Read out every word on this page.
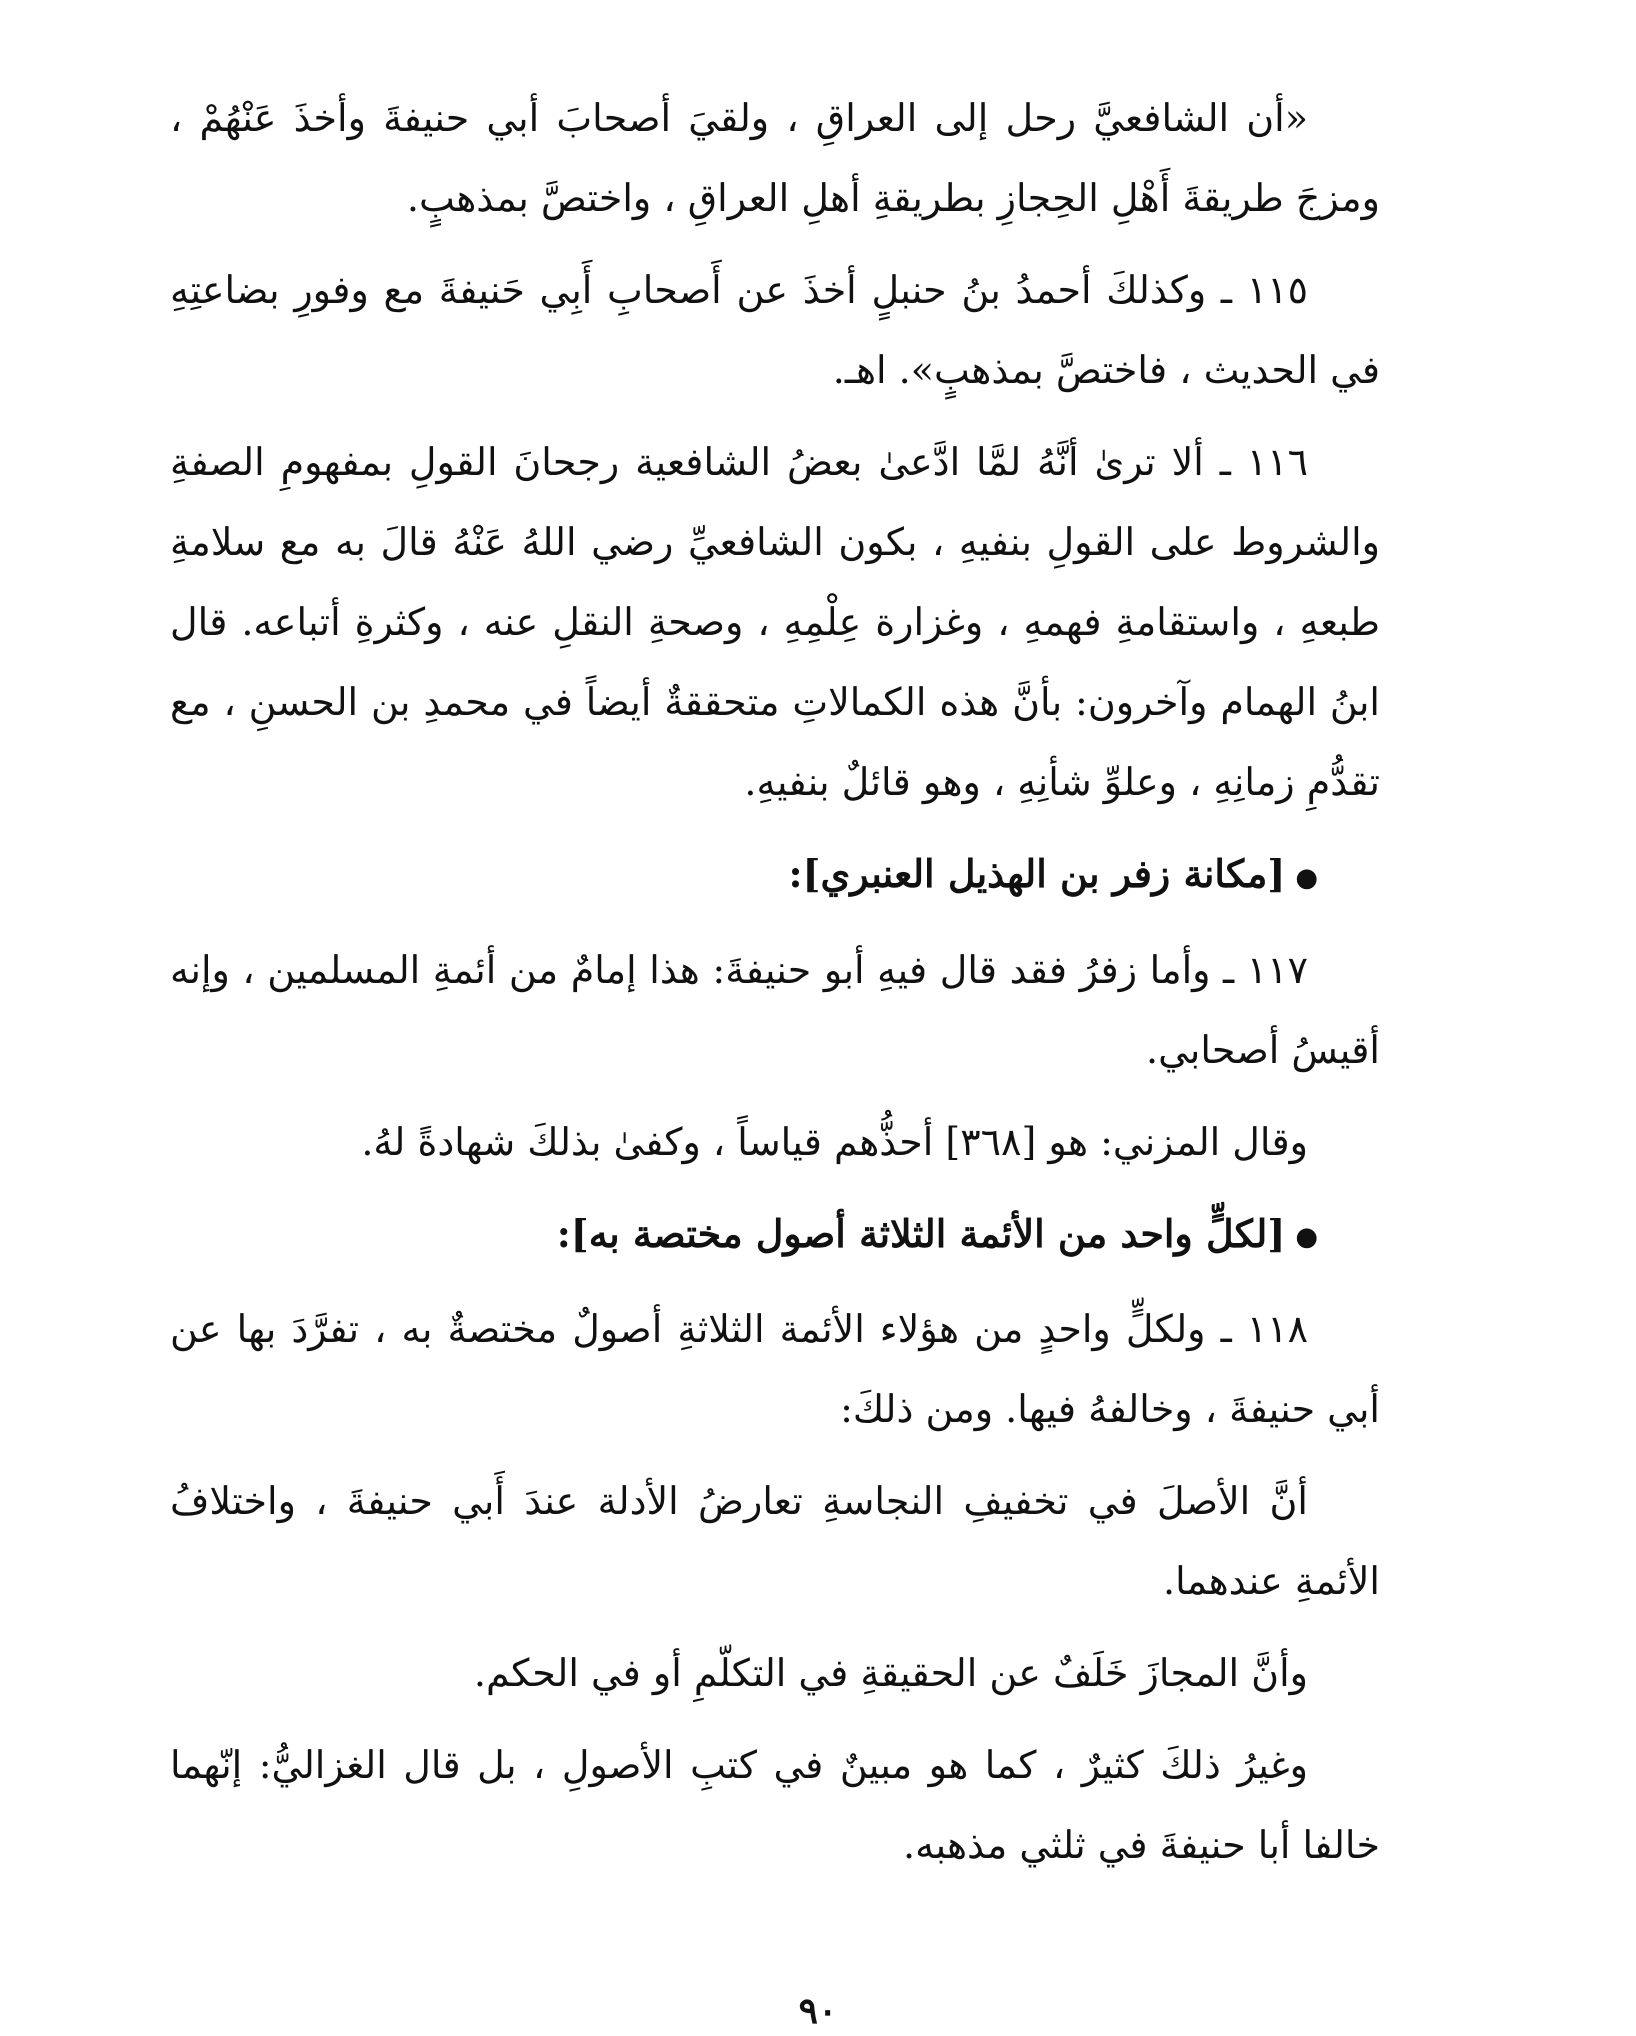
«أن الشافعيَّ رحل إلى العراقِ ، ولقيَ أصحابَ أبي حنيفةَ وأخذَ عَنْهُمْ ، ومزجَ طريقةَ أَهْلِ الحِجازِ بطريقةِ أهلِ العراقِ ، واختصَّ بمذهبٍ.

١١٥ ـ وكذلكَ أحمدُ بنُ حنبلٍ أخذَ عن أَصحابِ أَبِي حَنيفةَ مع وفورِ بضاعتِهِ في الحديث ، فاختصَّ بمذهبٍ». اهـ.

١١٦ ـ ألا ترىٰ أنَّهُ لمَّا ادَّعىٰ بعضُ الشافعية رجحانَ القولِ بمفهومِ الصفةِ والشروط على القولِ بنفيهِ ، بكون الشافعيِّ رضي اللهُ عَنْهُ قالَ به مع سلامةِ طبعهِ ، واستقامةِ فهمهِ ، وغزارة عِلْمِهِ ، وصحةِ النقلِ عنه ، وكثرةِ أتباعه. قال ابنُ الهمام وآخرون: بأنَّ هذه الكمالاتِ متحققةٌ أيضاً في محمدِ بن الحسنِ ، مع تقدُّمِ زمانِهِ ، وعلوِّ شأنِهِ ، وهو قائلٌ بنفيهِ.

●[مكانة زفر بن الهذيل العنبري]:

١١٧ ـ وأما زفرُ فقد قال فيهِ أبو حنيفةَ: هذا إمامٌ من أئمةِ المسلمين ، وإنه أقيسُ أصحابي.

وقال المزني: هو [٣٦٨] أحذُّهم قياساً ، وكفىٰ بذلكَ شهادةً لهُ.

●[لكلٍّ واحد من الأئمة الثلاثة أصول مختصة به]:

١١٨ ـ ولكلٍّ واحدٍ من هؤلاء الأئمة الثلاثةِ أصولٌ مختصةٌ به ، تفرَّدَ بها عن أبي حنيفةَ ، وخالفهُ فيها. ومن ذلكَ:

أنَّ الأصلَ في تخفيفِ النجاسةِ تعارضُ الأدلة عندَ أَبي حنيفةَ ، واختلافُ الأئمةِ عندهما.

وأنَّ المجازَ خَلَفٌ عن الحقيقةِ في التكلّمِ أو في الحكم.

وغيرُ ذلكَ كثيرٌ ، كما هو مبينٌ في كتبِ الأصولِ ، بل قال الغزاليُّ: إنّهما خالفا أبا حنيفةَ في ثلثي مذهبه.

٩٠
